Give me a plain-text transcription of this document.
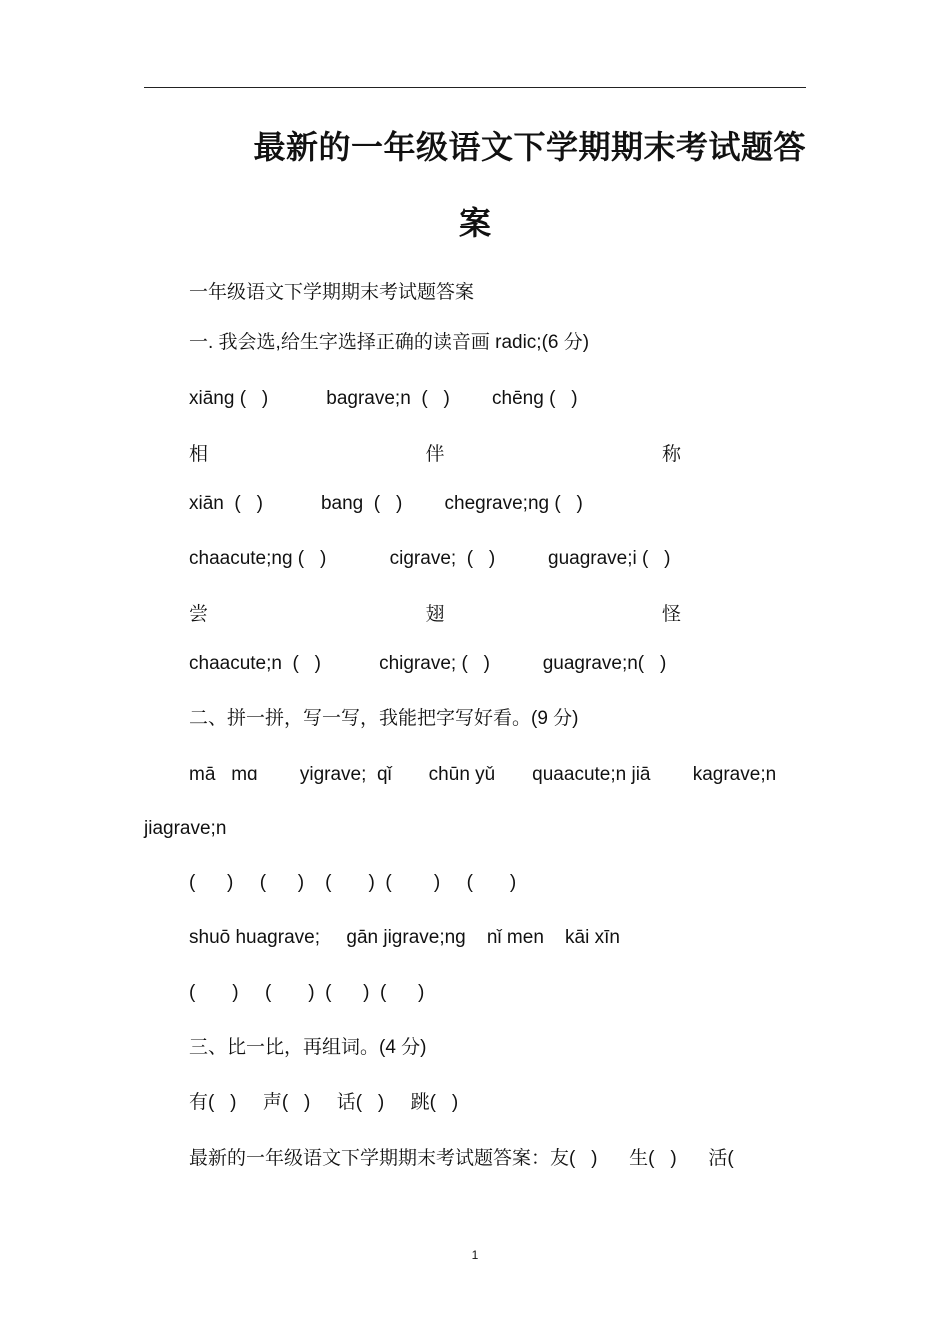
最新的一年级语文下学期期末考试题答
案
一年级语文下学期期末考试题答案
一. 我会选,给生字选择正确的读音画 radic;(6 分)
xiāng (   )           bagrave;n  (   )        chēng (   )
相	伴	称
xiān  (   )           bang  (   )        chegrave;ng (   )
chaacute;ng (   )            cigrave;  (   )          guagrave;i (   )
尝	翅	怪
chaacute;n  (   )           chigrave; (   )          guagrave;n(   )
二、拼一拼，写一写，我能把字写好看。(9 分)
mā   mɑ        yigrave;  qǐ       chūn yǔ       quaacute;n jiā        kagrave;n
jiagrave;n
(      )     (      )    (       )  (        )     (       )
shuō huagrave;     gān jigrave;ng    nǐ men    kāi xīn
(       )     (       )  (      )  (      )
三、比一比，再组词。(4 分)
有(   )     声(   )     话(   )     跳(   )
最新的一年级语文下学期期末考试题答案：友(   )      生(   )      活(
1
